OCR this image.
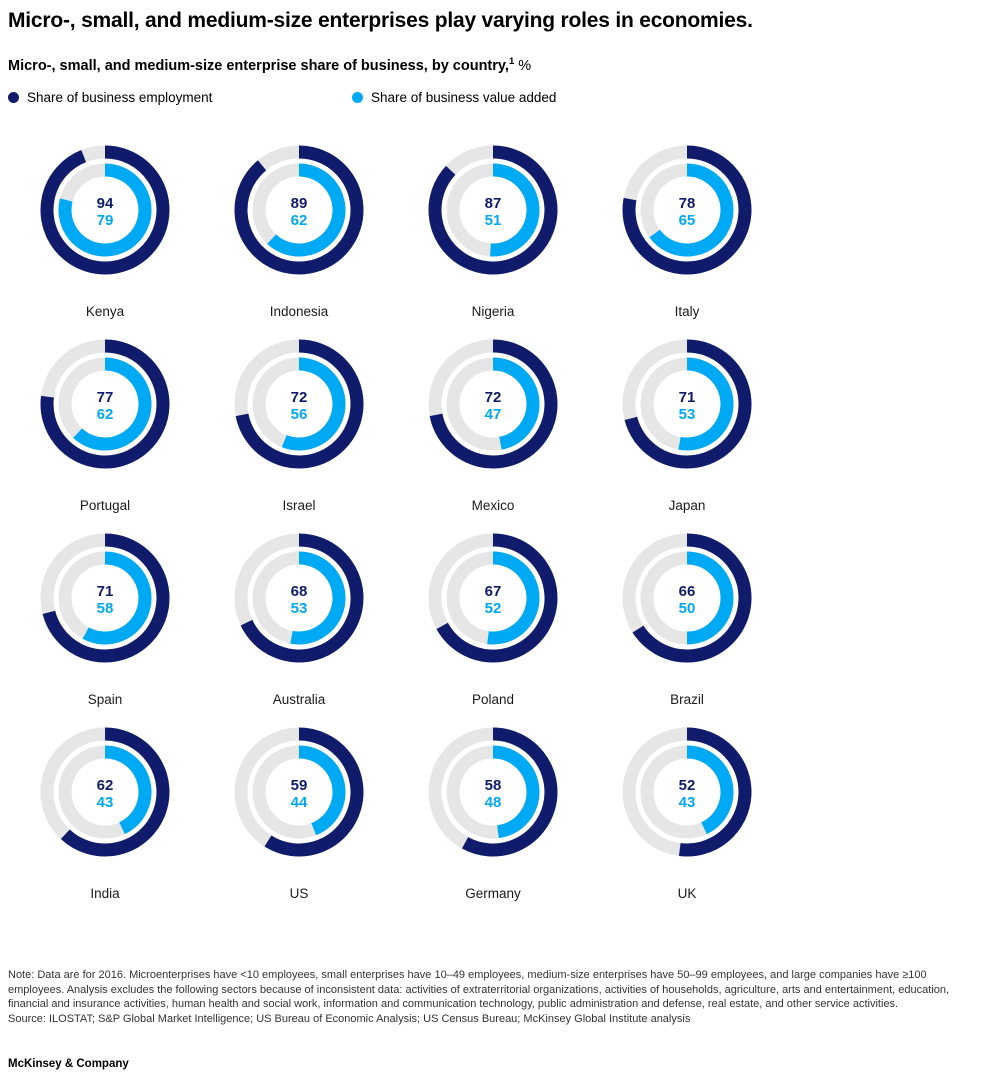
Micro-, small, and medium-size enterprises play varying roles in economies.
Micro-, small, and medium-size enterprise share of business, by country,$^1$ %
Share of business employment	Share of business value added
94
79
Kenya
89
62
Indonesia
87
51
Nigeria
78
65
Italy
77
62
Portugal
72
56
Israel
72
47
Mexico
71
53
Japan
71
58
Spain
68
53
Australia
67
52
Poland
66
50
Brazil
62
43
India
59
44
US
58
48
Germany
52
43
UK
Note: Data are for 2016. Microenterprises have <10 employees, small enterprises have 10–49 employees, medium-size enterprises have 50–99 employees, and large companies have ≥100 employees. Analysis excludes the following sectors because of inconsistent data: activities of extraterritorial organizations, activities of households, agriculture, arts and entertainment, education, financial and insurance activities, human health and social work, information and communication technology, public administration and defense, real estate, and other service activities.
Source: ILOSTAT; S&P Global Market Intelligence; US Bureau of Economic Analysis; US Census Bureau; McKinsey Global Institute analysis
McKinsey & Company
